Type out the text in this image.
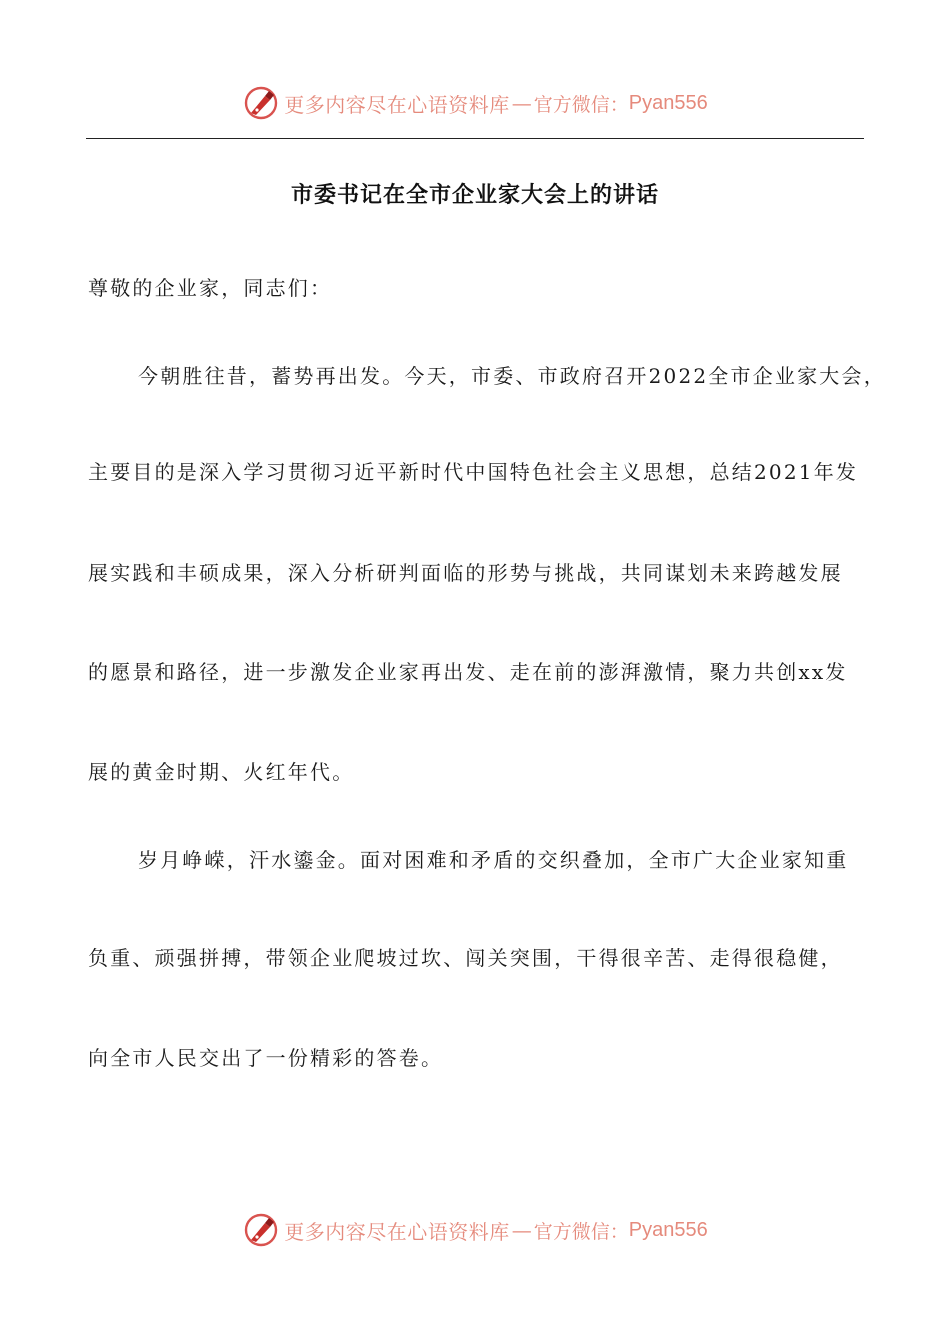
更多内容尽在心语资料库 — 官方微信： Pyan556
市委书记在全市企业家大会上的讲话
尊敬的企业家，同志们：
今朝胜往昔，蓄势再出发。今天，市委、市政府召开2022全市企业家大会，
主要目的是深入学习贯彻习近平新时代中国特色社会主义思想，总结2021年发
展实践和丰硕成果，深入分析研判面临的形势与挑战，共同谋划未来跨越发展
的愿景和路径，进一步激发企业家再出发、走在前的澎湃激情，聚力共创xx发
展的黄金时期、火红年代。
岁月峥嵘，汗水鎏金。面对困难和矛盾的交织叠加，全市广大企业家知重
负重、顽强拼搏，带领企业爬坡过坎、闯关突围，干得很辛苦、走得很稳健，
向全市人民交出了一份精彩的答卷。
更多内容尽在心语资料库 — 官方微信： Pyan556
